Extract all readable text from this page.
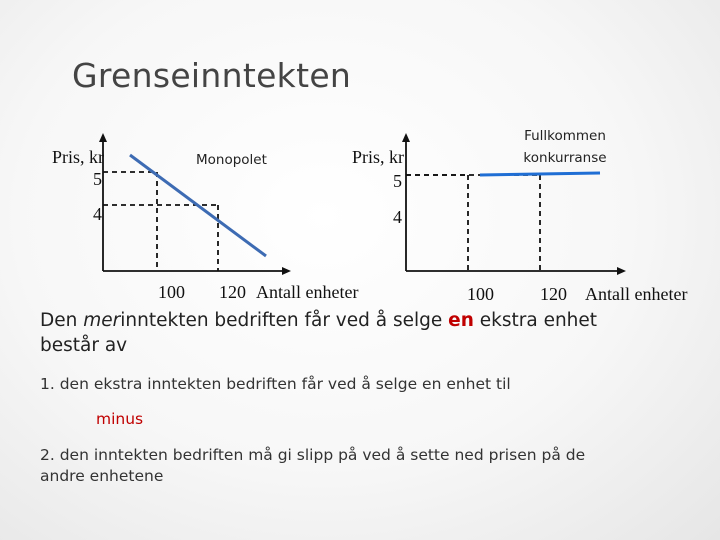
Grenseinntekten
Pris, kr
5
4
Monopolet
100 120 Antall enheter
Pris, kr
5
4
Fullkommen
konkurranse
100	120 Antall enheter
Den merinntekten bedriften får ved å selge en ekstra enhet
består av
1. den ekstra inntekten bedriften får ved å selge en enhet til
minus
2. den inntekten bedriften må gi slipp på ved å sette ned prisen på de
andre enhetene
